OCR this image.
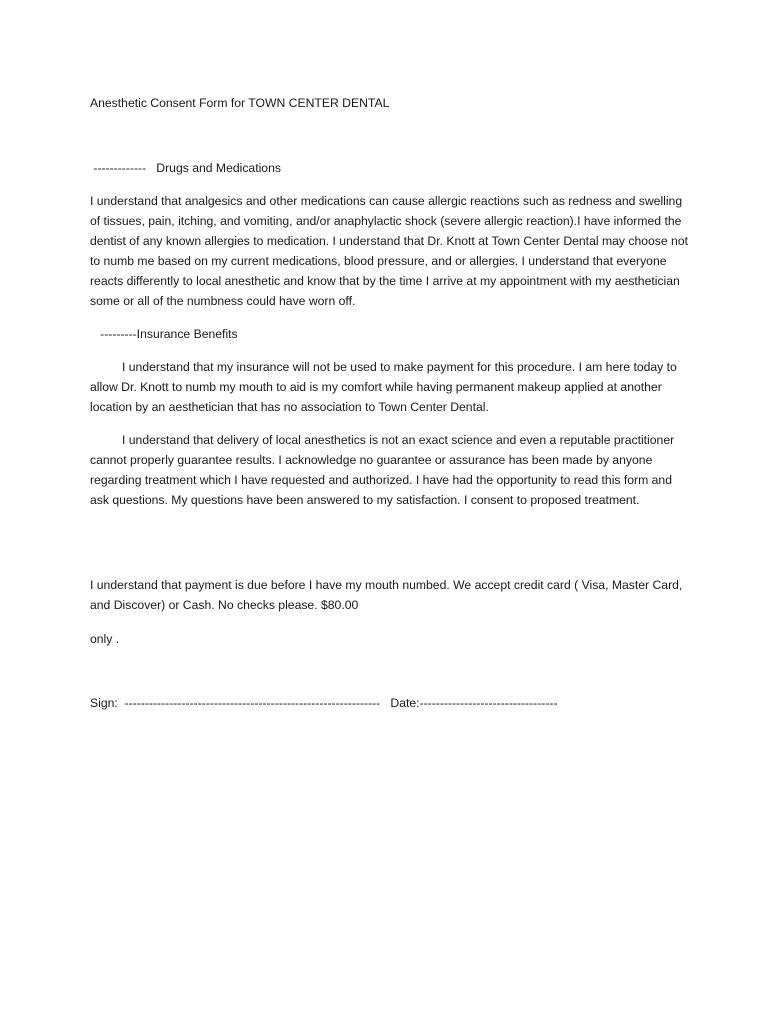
Anesthetic Consent Form for TOWN CENTER DENTAL
-------------   Drugs and Medications
I understand that analgesics and other medications can cause allergic reactions such as redness and swelling of tissues, pain, itching, and vomiting, and/or anaphylactic shock (severe allergic reaction).I have informed the dentist of any known allergies to medication. I understand that Dr. Knott at Town Center Dental may choose not to numb me based on my current medications, blood pressure, and or allergies. I understand that everyone reacts differently to local anesthetic and know that by the time I arrive at my appointment with my aesthetician some or all of the numbness could have worn off.
---------Insurance Benefits
I understand that my insurance will not be used to make payment for this procedure. I am here today to allow Dr. Knott to numb my mouth to aid is my comfort while having permanent makeup applied at another location by an aesthetician that has no association to Town Center Dental.
I understand that delivery of local anesthetics is not an exact science and even a reputable practitioner cannot properly guarantee results. I acknowledge no guarantee or assurance has been made by anyone regarding treatment which I have requested and authorized. I have had the opportunity to read this form and ask questions. My questions have been answered to my satisfaction. I consent to proposed treatment.
I understand that payment is due before I have my mouth numbed. We accept credit card ( Visa, Master Card, and Discover) or Cash. No checks please. $80.00
only .
Sign:  ---------------------------------------------------------------   Date:----------------------------------
